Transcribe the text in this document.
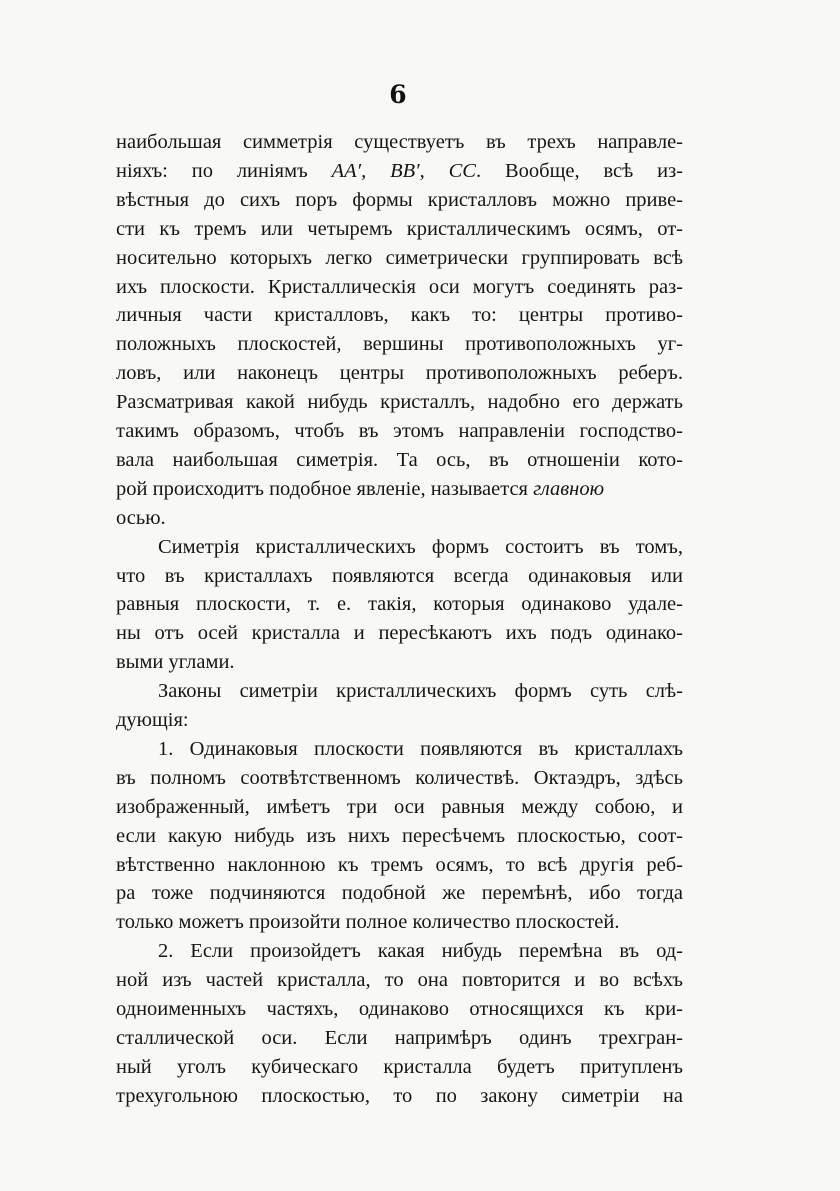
6
наибольшая симметрія существуетъ въ трехъ направле-
ніяхъ: по линіямъ AA′, BB′, CC. Вообще, всѣ из-
вѣстныя до сихъ поръ формы кристалловъ можно приве-
сти къ тремъ или четыремъ кристаллическимъ осямъ, от-
носительно которыхъ легко симетрически группировать всѣ
ихъ плоскости. Кристаллическія оси могутъ соединять раз-
личныя части кристалловъ, какъ то: центры противо-
положныхъ плоскостей, вершины противоположныхъ уг-
ловъ, или наконецъ центры противоположныхъ реберъ.
Разсматривая какой нибудь кристаллъ, надобно его держать
такимъ образомъ, чтобъ въ этомъ направленіи господство-
вала наибольшая симетрія. Та ось, въ отношеніи кото-
рой происходитъ подобное явленіе, называется главною
осью.
Симетрія кристаллическихъ формъ состоитъ въ томъ,
что въ кристаллахъ появляются всегда одинаковыя или
равныя плоскости, т. е. такія, которыя одинаково удале-
ны отъ осей кристалла и пересѣкаютъ ихъ подъ одинако-
выми углами.
Законы симетріи кристаллическихъ формъ суть слѣ-
дующія:
1. Одинаковыя плоскости появляются въ кристаллахъ
въ полномъ соотвѣтственномъ количествѣ. Октаэдръ, здѣсь
изображенный, имѣетъ три оси равныя между собою, и
если какую нибудь изъ нихъ пересѣчемъ плоскостью, соот-
вѣтственно наклонною къ тремъ осямъ, то всѣ другія реб-
ра тоже подчиняются подобной же перемѣнѣ, ибо тогда
только можетъ произойти полное количество плоскостей.
2. Если произойдетъ какая нибудь перемѣна въ од-
ной изъ частей кристалла, то она повторится и во всѣхъ
одноименныхъ частяхъ, одинаково относящихся къ кри-
сталлической оси. Если напримѣръ одинъ трехгран-
ный уголъ кубическаго кристалла будетъ притупленъ
трехугольною плоскостью, то по закону симетріи на
